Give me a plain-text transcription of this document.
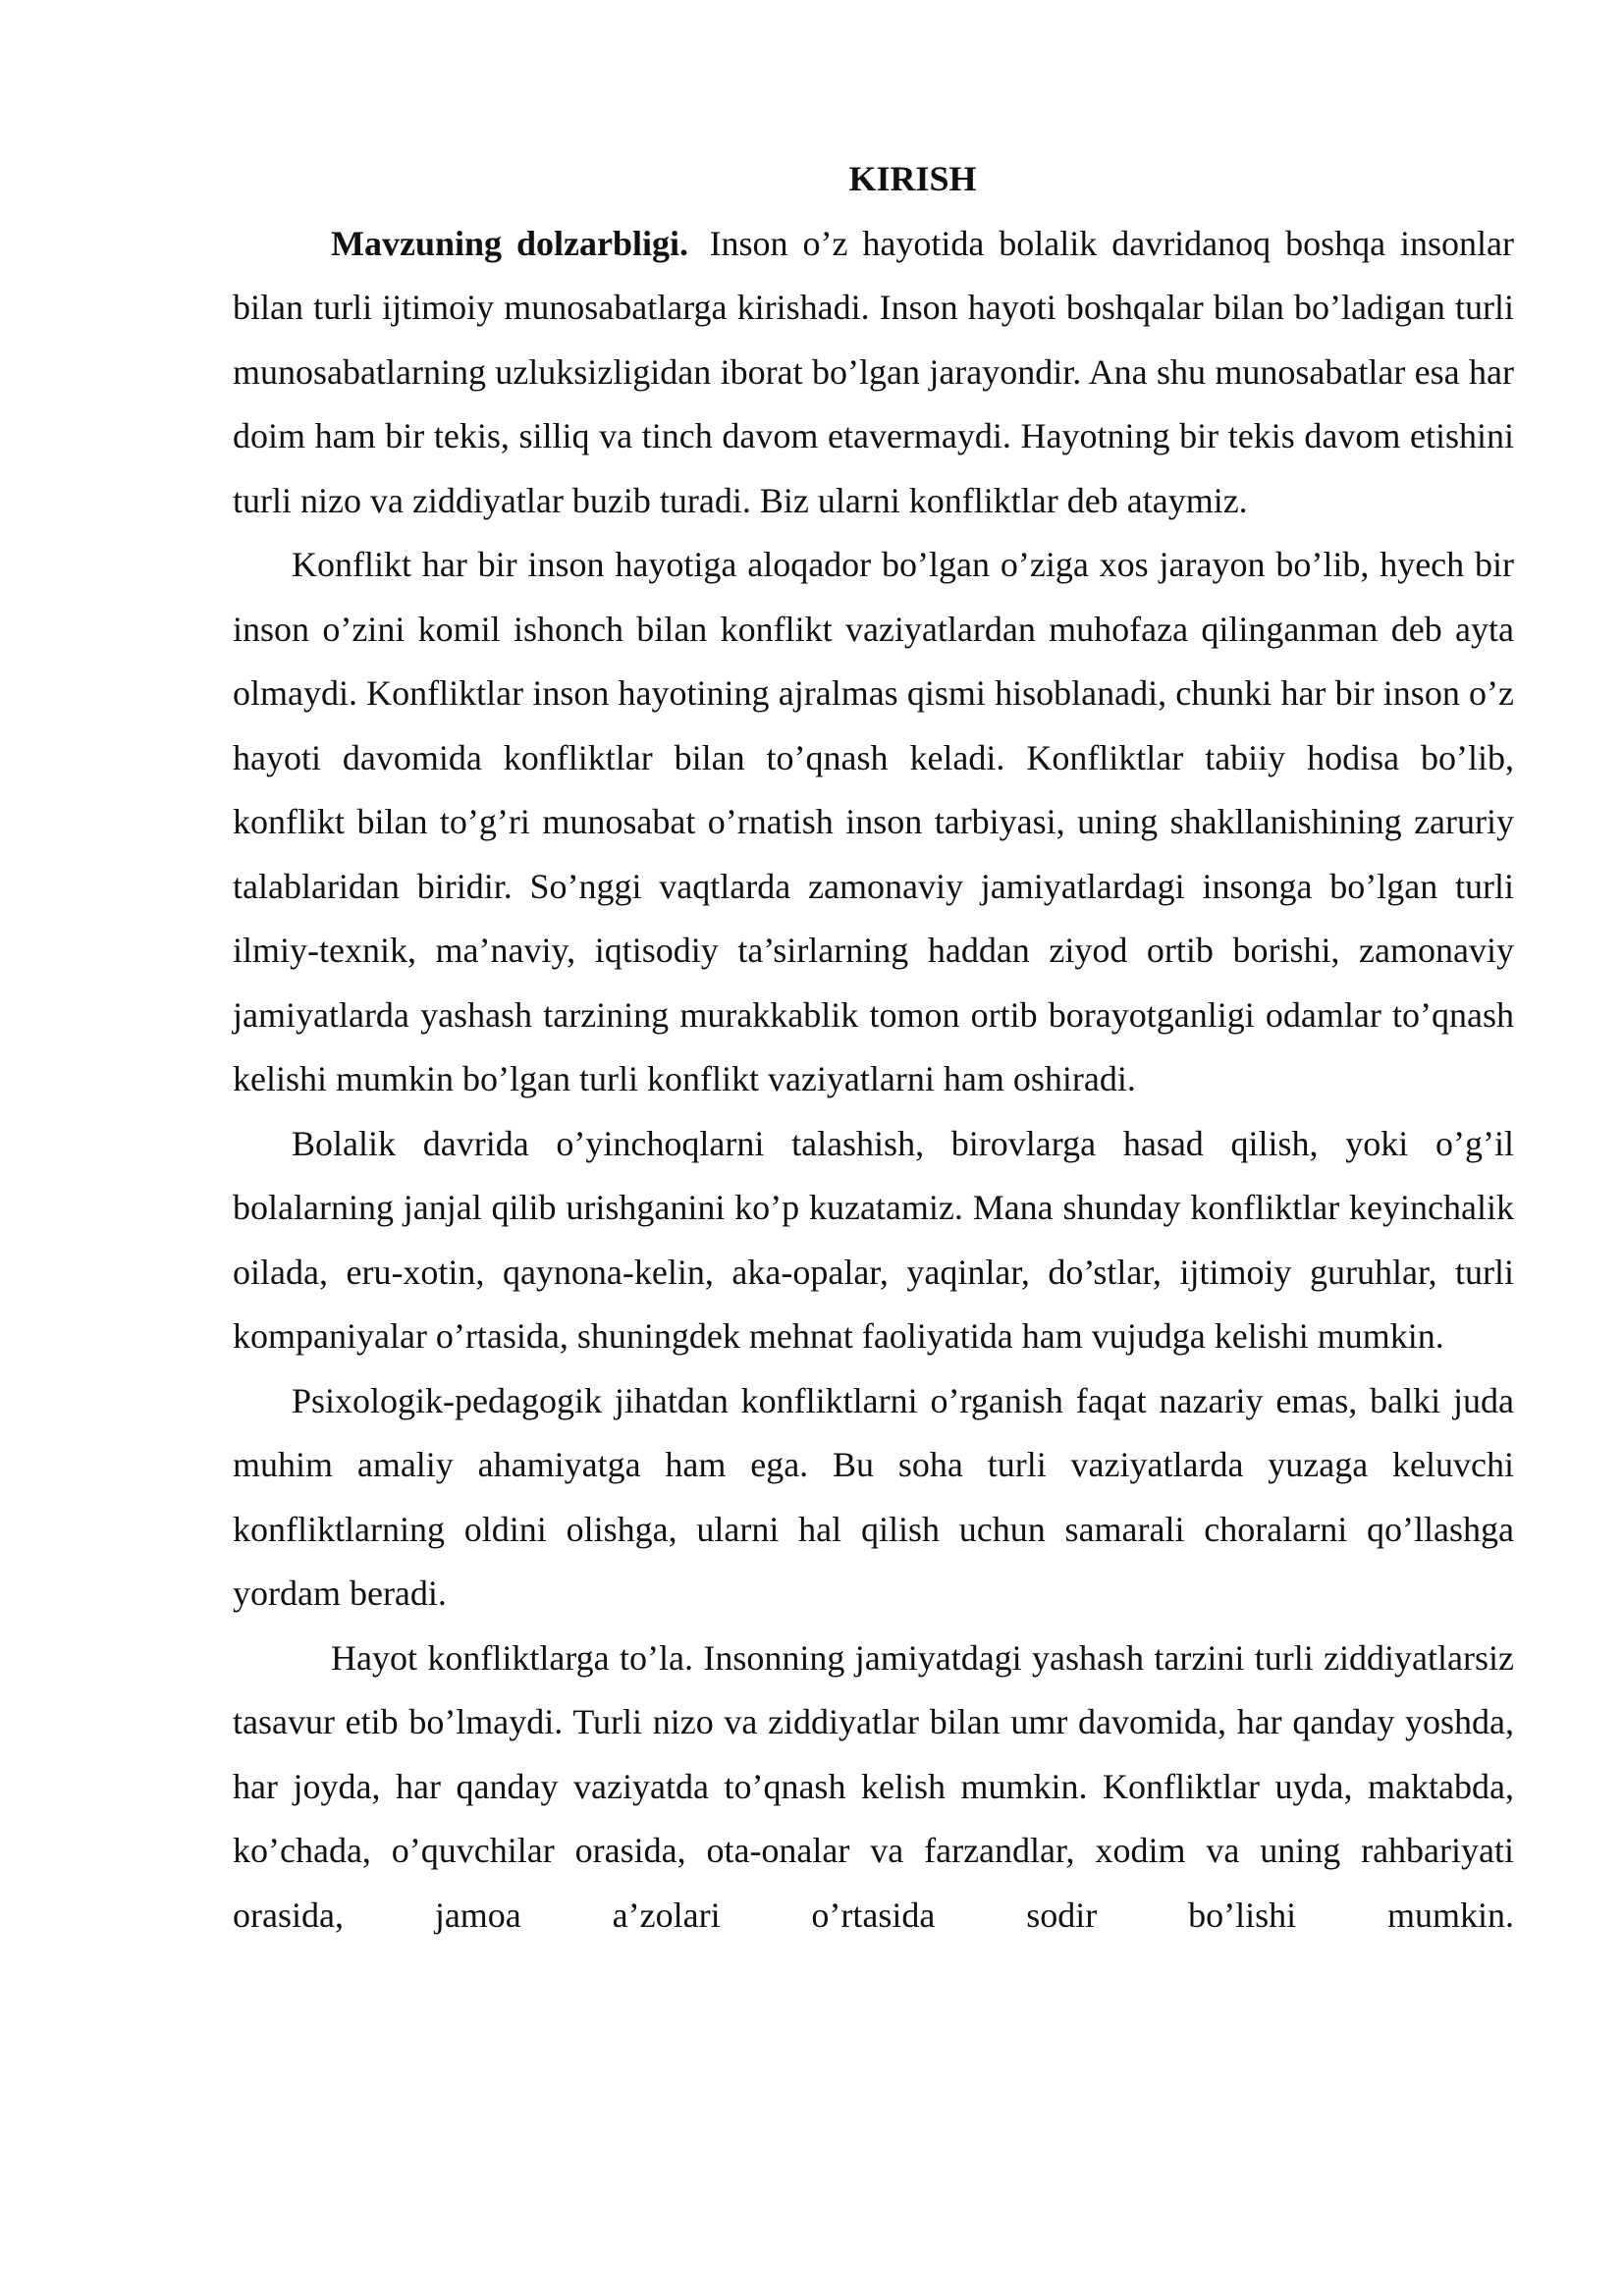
KIRISH

Mavzuning dolzarbligi. Inson o’z hayotida bolalik davridanoq boshqa insonlar bilan turli ijtimoiy munosabatlarga kirishadi. Inson hayoti boshqalar bilan bo’ladigan turli munosabatlarning uzluksizligidan iborat bo’lgan jarayondir. Ana shu munosabatlar esa har doim ham bir tekis, silliq va tinch davom etavermaydi. Hayotning bir tekis davom etishini turli nizo va ziddiyatlar buzib turadi. Biz ularni konfliktlar deb ataymiz.

Konflikt har bir inson hayotiga aloqador bo’lgan o’ziga xos jarayon bo’lib, hyech bir inson o’zini komil ishonch bilan konflikt vaziyatlardan muhofaza qilinganman deb ayta olmaydi. Konfliktlar inson hayotining ajralmas qismi hisoblanadi, chunki har bir inson o’z hayoti davomida konfliktlar bilan to’qnash keladi. Konfliktlar tabiiy hodisa bo’lib, konflikt bilan to’g’ri munosabat o’rnatish inson tarbiyasi, uning shakllanishining zaruriy talablaridan biridir. So’nggi vaqtlarda zamonaviy jamiyatlardagi insonga bo’lgan turli ilmiy-texnik, ma’naviy, iqtisodiy ta’sirlarning haddan ziyod ortib borishi, zamonaviy jamiyatlarda yashash tarzining murakkablik tomon ortib borayotganligi odamlar to’qnash kelishi mumkin bo’lgan turli konflikt vaziyatlarni ham oshiradi.

Bolalik davrida o’yinchoqlarni talashish, birovlarga hasad qilish, yoki o’g’il bolalarning janjal qilib urishganini ko’p kuzatamiz. Mana shunday konfliktlar keyinchalik oilada, eru-xotin, qaynona-kelin, aka-opalar, yaqinlar, do’stlar, ijtimoiy guruhlar, turli kompaniyalar o’rtasida, shuningdek mehnat faoliyatida ham vujudga kelishi mumkin.

Psixologik-pedagogik jihatdan konfliktlarni o’rganish faqat nazariy emas, balki juda muhim amaliy ahamiyatga ham ega. Bu soha turli vaziyatlarda yuzaga keluvchi konfliktlarning oldini olishga, ularni hal qilish uchun samarali choralarni qo’llashga yordam beradi.

Hayot konfliktlarga to’la. Insonning jamiyatdagi yashash tarzini turli ziddiyatlarsiz tasavur etib bo’lmaydi. Turli nizo va ziddiyatlar bilan umr davomida, har qanday yoshda, har joyda, har qanday vaziyatda to’qnash kelish mumkin. Konfliktlar uyda, maktabda, ko’chada, o’quvchilar orasida, ota-onalar va farzandlar, xodim va uning rahbariyati orasida, jamoa a’zolari o’rtasida sodir bo’lishi mumkin.
